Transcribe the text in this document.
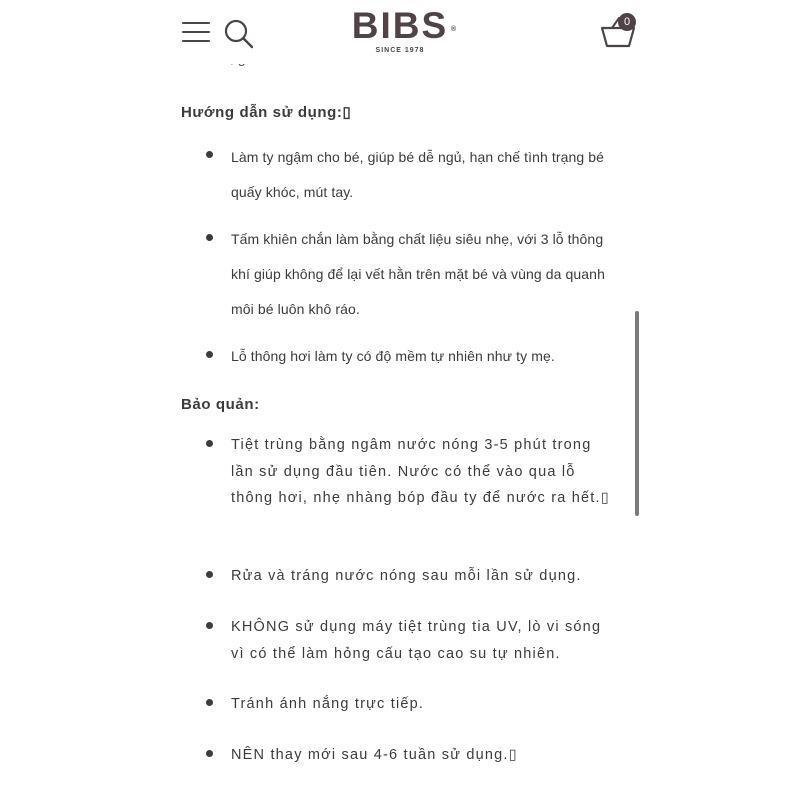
Hướng dẫn sử dụng:▯
Làm ty ngậm cho bé, giúp bé dễ ngủ, hạn chế tình trạng bé quấy khóc, mút tay.
Tấm khiên chắn làm bằng chất liệu siêu nhẹ, với 3 lỗ thông khí giúp không để lại vết hằn trên mặt bé và vùng da quanh môi bé luôn khô ráo.
Lỗ thông hơi làm ty có độ mềm tự nhiên như ty mẹ.
Bảo quản:
Tiệt trùng bằng ngâm nước nóng 3-5 phút trong lần sử dụng đầu tiên. Nước có thể vào qua lỗ thông hơi, nhẹ nhàng bóp đầu ty để nước ra hết.▯
Rửa và tráng nước nóng sau mỗi lần sử dụng.
KHÔNG sử dụng máy tiệt trùng tia UV, lò vi sóng vì có thể làm hỏng cấu tạo cao su tự nhiên.
Tránh ánh nắng trực tiếp.
NÊN thay mới sau 4-6 tuần sử dụng.▯
BIBS ®
SINCE 1978
0
